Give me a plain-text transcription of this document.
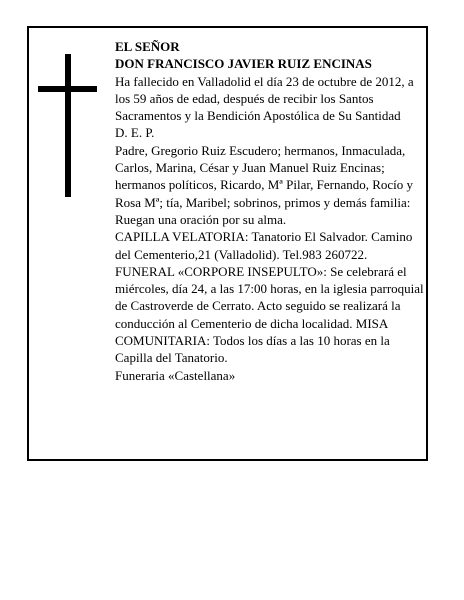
EL SEÑOR

DON FRANCISCO JAVIER RUIZ ENCINAS

Ha fallecido en Valladolid el día 23 de octubre de 2012, a los 59 años de edad, después de recibir los Santos Sacramentos y la Bendición Apostólica de Su Santidad

D. E. P.

Padre, Gregorio Ruiz Escudero; hermanos, Inmaculada, Carlos, Marina, César y Juan Manuel Ruiz Encinas; hermanos políticos, Ricardo, Mª Pilar, Fernando, Rocío y Rosa Mª; tía, Maribel; sobrinos, primos y demás familia:

Ruegan una oración por su alma.

CAPILLA VELATORIA: Tanatorio El Salvador. Camino del Cementerio,21 (Valladolid). Tel.983 260722.

FUNERAL «CORPORE INSEPULTO»: Se celebrará el miércoles, día 24, a las 17:00 horas, en la iglesia parroquial de Castroverde de Cerrato. Acto seguido se realizará la conducción al Cementerio de dicha localidad. MISA COMUNITARIA: Todos los días a las 10 horas en la Capilla del Tanatorio.

Funeraria «Castellana»
